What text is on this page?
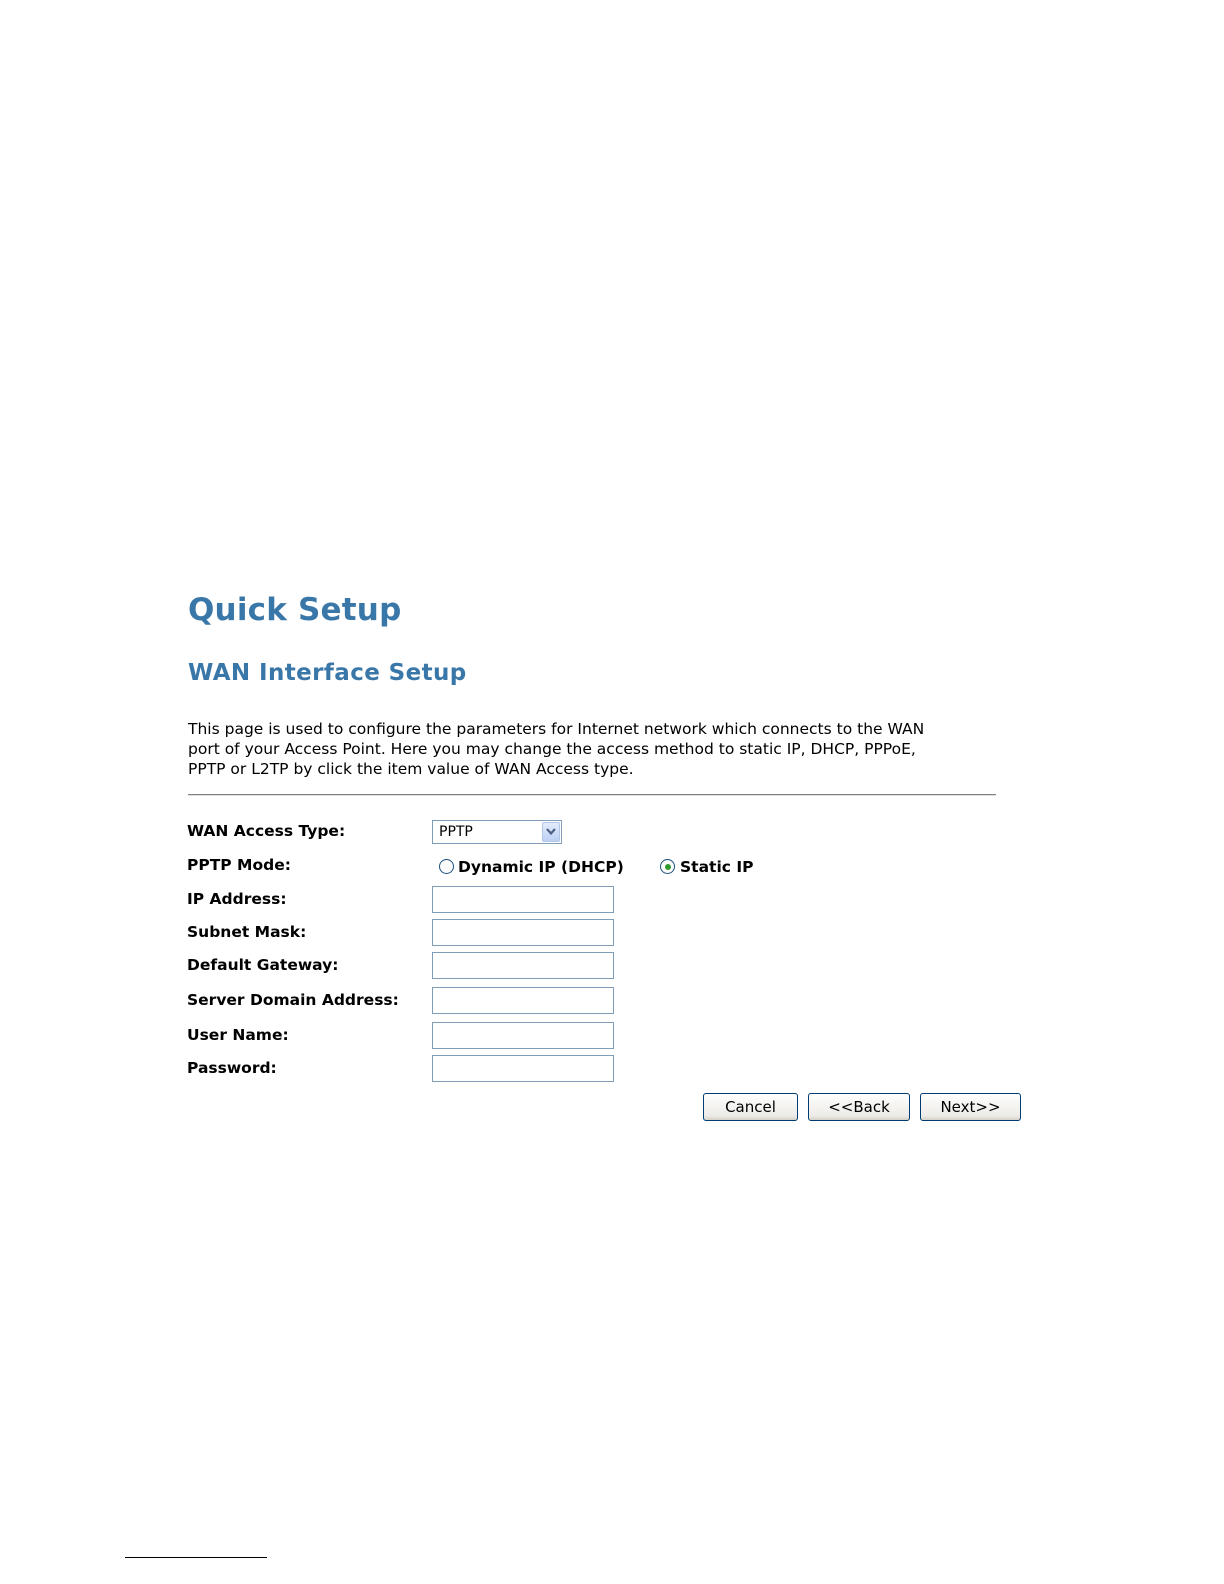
Quick Setup
WAN Interface Setup
This page is used to configure the parameters for Internet network which connects to the WAN
port of your Access Point. Here you may change the access method to static IP, DHCP, PPPoE,
PPTP or L2TP by click the item value of WAN Access type.
WAN Access Type:	PPTP
PPTP Mode:	Dynamic IP (DHCP)	Static IP
IP Address:
Subnet Mask:
Default Gateway:
Server Domain Address:
User Name:
Password:
Cancel	<<Back	Next>>
